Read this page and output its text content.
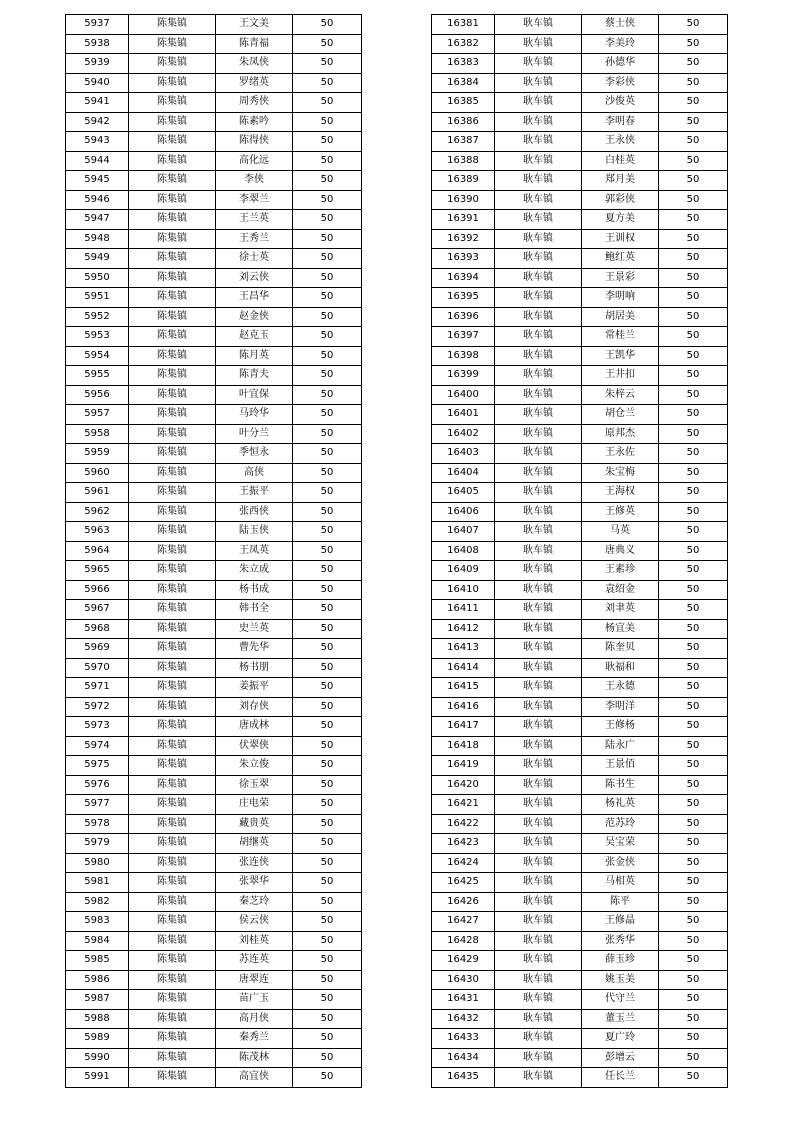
5937	陈集镇	王文美	50
5938	陈集镇	陈青福	50
5939	陈集镇	朱凤侠	50
5940	陈集镇	罗绪英	50
5941	陈集镇	周秀侠	50
5942	陈集镇	陈素吟	50
5943	陈集镇	陈得侠	50
5944	陈集镇	高化远	50
5945	陈集镇	李侠	50
5946	陈集镇	李翠兰	50
5947	陈集镇	王兰英	50
5948	陈集镇	王秀兰	50
5949	陈集镇	徐士英	50
5950	陈集镇	刘云侠	50
5951	陈集镇	王昌华	50
5952	陈集镇	赵金侠	50
5953	陈集镇	赵克玉	50
5954	陈集镇	陈月英	50
5955	陈集镇	陈青夫	50
5956	陈集镇	叶宜保	50
5957	陈集镇	马玲华	50
5958	陈集镇	叶分兰	50
5959	陈集镇	季恒永	50
5960	陈集镇	高侠	50
5961	陈集镇	王振平	50
5962	陈集镇	张西侠	50
5963	陈集镇	陆玉侠	50
5964	陈集镇	王凤英	50
5965	陈集镇	朱立成	50
5966	陈集镇	杨书成	50
5967	陈集镇	韩书全	50
5968	陈集镇	史兰英	50
5969	陈集镇	曹先华	50
5970	陈集镇	杨书朋	50
5971	陈集镇	姜振平	50
5972	陈集镇	刘存侠	50
5973	陈集镇	唐成林	50
5974	陈集镇	伏翠侠	50
5975	陈集镇	朱立俊	50
5976	陈集镇	徐玉翠	50
5977	陈集镇	庄电荣	50
5978	陈集镇	藏贵英	50
5979	陈集镇	胡继英	50
5980	陈集镇	张连侠	50
5981	陈集镇	张翠华	50
5982	陈集镇	秦芝玲	50
5983	陈集镇	侯云侠	50
5984	陈集镇	刘桂英	50
5985	陈集镇	苏连英	50
5986	陈集镇	唐翠连	50
5987	陈集镇	苗广玉	50
5988	陈集镇	高月侠	50
5989	陈集镇	秦秀兰	50
5990	陈集镇	陈茂林	50
5991	陈集镇	高宜侠	50
16381	耿车镇	蔡士侠	50
16382	耿车镇	李美玲	50
16383	耿车镇	孙德华	50
16384	耿车镇	李彩侠	50
16385	耿车镇	沙俊英	50
16386	耿车镇	李明春	50
16387	耿车镇	王永侠	50
16388	耿车镇	白桂英	50
16389	耿车镇	郑月美	50
16390	耿车镇	郭彩侠	50
16391	耿车镇	夏方美	50
16392	耿车镇	王训权	50
16393	耿车镇	鲍红英	50
16394	耿车镇	王景彩	50
16395	耿车镇	李明响	50
16396	耿车镇	胡居美	50
16397	耿车镇	常桂兰	50
16398	耿车镇	王凯华	50
16399	耿车镇	王井扣	50
16400	耿车镇	朱梓云	50
16401	耿车镇	胡仓兰	50
16402	耿车镇	原邦杰	50
16403	耿车镇	王永佐	50
16404	耿车镇	朱宝梅	50
16405	耿车镇	王海权	50
16406	耿车镇	王修英	50
16407	耿车镇	马英	50
16408	耿车镇	唐典义	50
16409	耿车镇	王素珍	50
16410	耿车镇	袁绍金	50
16411	耿车镇	刘聿英	50
16412	耿车镇	杨宜美	50
16413	耿车镇	陈奎贝	50
16414	耿车镇	耿福和	50
16415	耿车镇	王永德	50
16416	耿车镇	李明洋	50
16417	耿车镇	王修杨	50
16418	耿车镇	陆永广	50
16419	耿车镇	王景佰	50
16420	耿车镇	陈书生	50
16421	耿车镇	杨礼英	50
16422	耿车镇	范苏玲	50
16423	耿车镇	吴宝荣	50
16424	耿车镇	张金侠	50
16425	耿车镇	马相英	50
16426	耿车镇	陈平	50
16427	耿车镇	王修晶	50
16428	耿车镇	张秀华	50
16429	耿车镇	薛玉珍	50
16430	耿车镇	姚玉美	50
16431	耿车镇	代守兰	50
16432	耿车镇	董玉兰	50
16433	耿车镇	夏广玲	50
16434	耿车镇	彭增云	50
16435	耿车镇	任长兰	50
